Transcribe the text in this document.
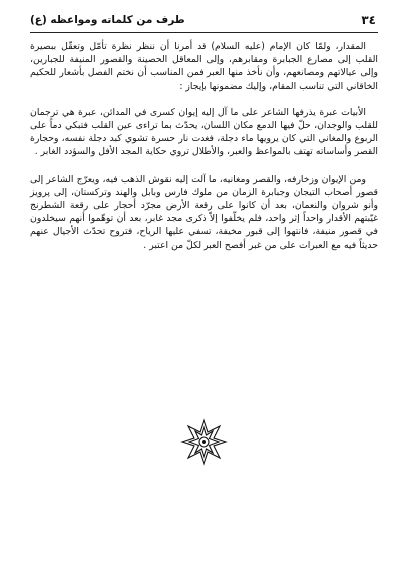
٣٤
طرف من كلماته ومواعظه (ع)

المقدار، ولمّا كان الإمام (عليه السلام) قد أمرنا أن ننظر نظرة تأمّل وتعقّل ببصيرة القلب إلى مصارع الجبابرة ومقابرهم، وإلى المعاقل الحصينة والقصور المنيفة للجبارين، وإلى عيالاتهم ومصانعهم، وأن نأخذ منها العبر فمن المناسب أن نختم الفصل بأشعار للحكيم الخاقاني التي تناسب المقام، وإليك مضمونها بإيجاز :

الأبيات عبرة يذرفها الشاعر على ما آل إليه إيوان كسرى في المدائن، عبرة هي ترجمان للقلب والوجدان، حلّ فيها الدمع مكان اللسان، يحدّث بما تراءى عين القلب فتبكي دماً على الربوع والمغاني التي كان يرويها ماء دجلة، فغدت نار حسرة تشوي كبد دجلة نفسه، وحجارة القصر وأساساته تهتف بالمواعظ والعبر، والأطلال تروي حكاية المجد الأفل والسؤدد الغابر .

ومن الإيوان وزخارفه، والقصر ومغانيه، ما آلت إليه نقوش الذهب فيه، ويعرّج الشاعر إلى قصور أصحاب التيجان وجبابرة الزمان من ملوك فارس وبابل والهند وتركستان، إلى پرويز وأنو شروان والنعمان، بعد أن كانوا على رقعة الأرض مجرّد أحجار على رقعة الشطرنج غيّبتهم الأقدار واحداً إثر واحد، فلم يخلّفوا إلاّ ذكرى مجد غابر، بعد أن توهّموا أنهم سيخلدون في قصور منيفة، فانتهوا إلى قبور مخيفة، تسفي عليها الرياح، فتروح تحدّث الأجيال عنهم حديثاً فيه مع العبرات على من غبر أفصح العبر لكلّ من اعتبر .
